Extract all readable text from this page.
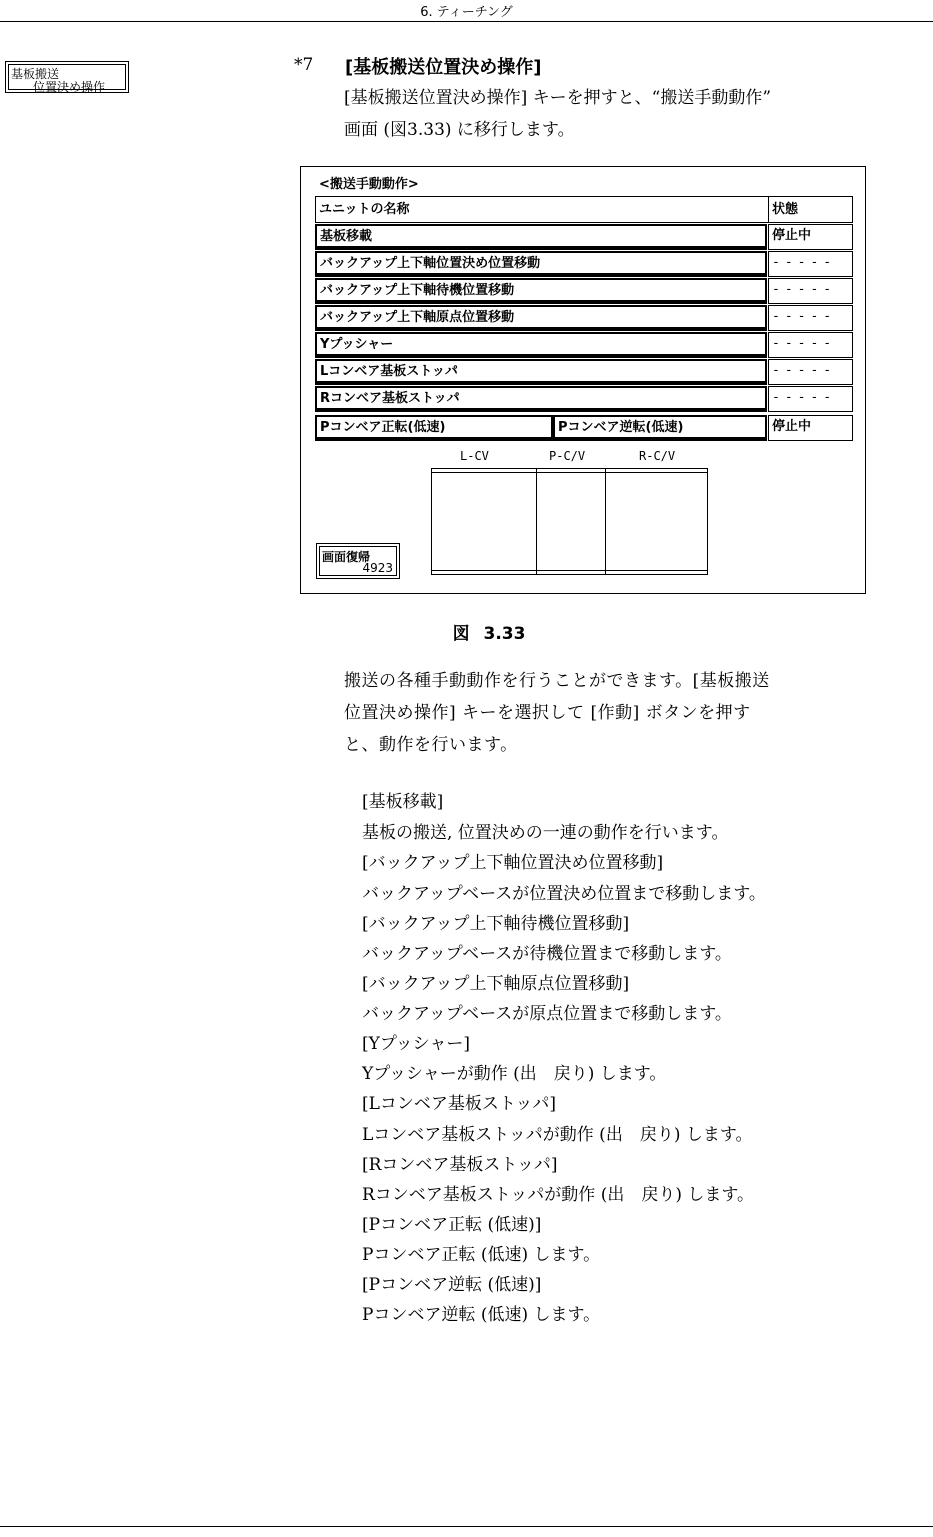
6. ティーチング
基板搬送
位置決め操作
*7 [基板搬送位置決め操作]
[基板搬送位置決め操作] キーを押すと、“搬送手動動作”
画面 (図3.33) に移行します。
<搬送手動動作>
ユニットの名称	状態
基板移載	停止中
バックアップ上下軸位置決め位置移動	-----
バックアップ上下軸待機位置移動	-----
バックアップ上下軸原点位置移動	-----
Yプッシャー	-----
Lコンベア基板ストッパ	-----
Rコンベア基板ストッパ	-----
Pコンベア正転(低速)	Pコンベア逆転(低速)	停止中
L-CV	P-C/V	R-C/V
画面復帰
4923
図 3.33
搬送の各種手動動作を行うことができます。[基板搬送
位置決め操作] キーを選択して [作動] ボタンを押す
と、動作を行います。
[基板移載]
基板の搬送, 位置決めの一連の動作を行います。
[バックアップ上下軸位置決め位置移動]
バックアップベースが位置決め位置まで移動します。
[バックアップ上下軸待機位置移動]
バックアップベースが待機位置まで移動します。
[バックアップ上下軸原点位置移動]
バックアップベースが原点位置まで移動します。
[Yプッシャー]
Yプッシャーが動作 (出　戻り) します。
[Lコンベア基板ストッパ]
Lコンベア基板ストッパが動作 (出　戻り) します。
[Rコンベア基板ストッパ]
Rコンベア基板ストッパが動作 (出　戻り) します。
[Pコンベア正転 (低速)]
Pコンベア正転 (低速) します。
[Pコンベア逆転 (低速)]
Pコンベア逆転 (低速) します。
